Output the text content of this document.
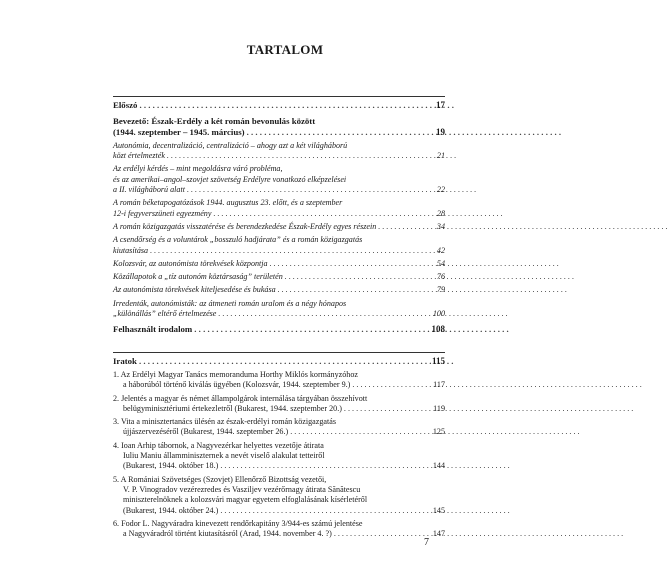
TARTALOM
Előszó . . .	17
Bevezető: Észak-Erdély a két román bevonulás között
(1944. szeptember – 1945. március) . . .	19
Autonómia, decentralizáció, centralizáció – ahogy azt a két világháború
közt értelmezték . . .	21
Az erdélyi kérdés – mint megoldásra váró probléma,
és az amerikai–angol–szovjet szövetség Erdélyre vonatkozó elképzelései
a II. világháború alatt . . .	22
A román béketapogatózások 1944. augusztus 23. előtt, és a szeptember
12-i fegyverszüneti egyezmény . . .	28
A román közigazgatás visszatérése és berendezkedése Észak-Erdély egyes részein . . .	34
A csendőrség és a voluntárok „bosszuló hadjárata” és a román közigazgatás
kiutasítása . . .	42
Kolozsvár, az autonómista törekvések központja . . .	54
Közállapotok a „tíz autonóm köztársaság” területén . . .	76
Az autonómista törekvések kiteljesedése és bukása . . .	79
Irredenták, autonómisták: az átmeneti román uralom és a négy hónapos
„különállás” eltérő értelmezése . . .	100
Felhasznált irodalom . . .	108
Iratok . . .	115
1. Az Erdélyi Magyar Tanács memoranduma Horthy Miklós kormányzóhoz
a háborúból történő kiválás ügyében (Kolozsvár, 1944. szeptember 9.) . . .	117
2. Jelentés a magyar és német állampolgárok internálása tárgyában összehívott
belügyminisztériumi értekezletről (Bukarest, 1944. szeptember 20.) . . .	119
3. Vita a minisztertanács ülésén az észak-erdélyi román közigazgatás
újjászervezéséről (Bukarest, 1944. szeptember 26.) . . .	125
4. Ioan Arhip tábornok, a Nagyvezérkar helyettes vezetője átirata
Iuliu Maniu államminiszternek a nevét viselő alakulat tetteiről
(Bukarest, 1944. október 18.) . . .	144
5. A Romániai Szövetséges (Szovjet) Ellenőrző Bizottság vezetői,
V. P. Vinogradov vezérezredes és Vasziljev vezérőrnagy átirata Sănătescu
miniszterelnöknek a kolozsvári magyar egyetem elfoglalásának kísérletéről
(Bukarest, 1944. október 24.) . . .	145
6. Fodor L. Nagyváradra kinevezett rendőrkapitány 3/944-es számú jelentése
a Nagyváradról történt kiutasításról (Arad, 1944. november 4. ?) . . .	147
7
